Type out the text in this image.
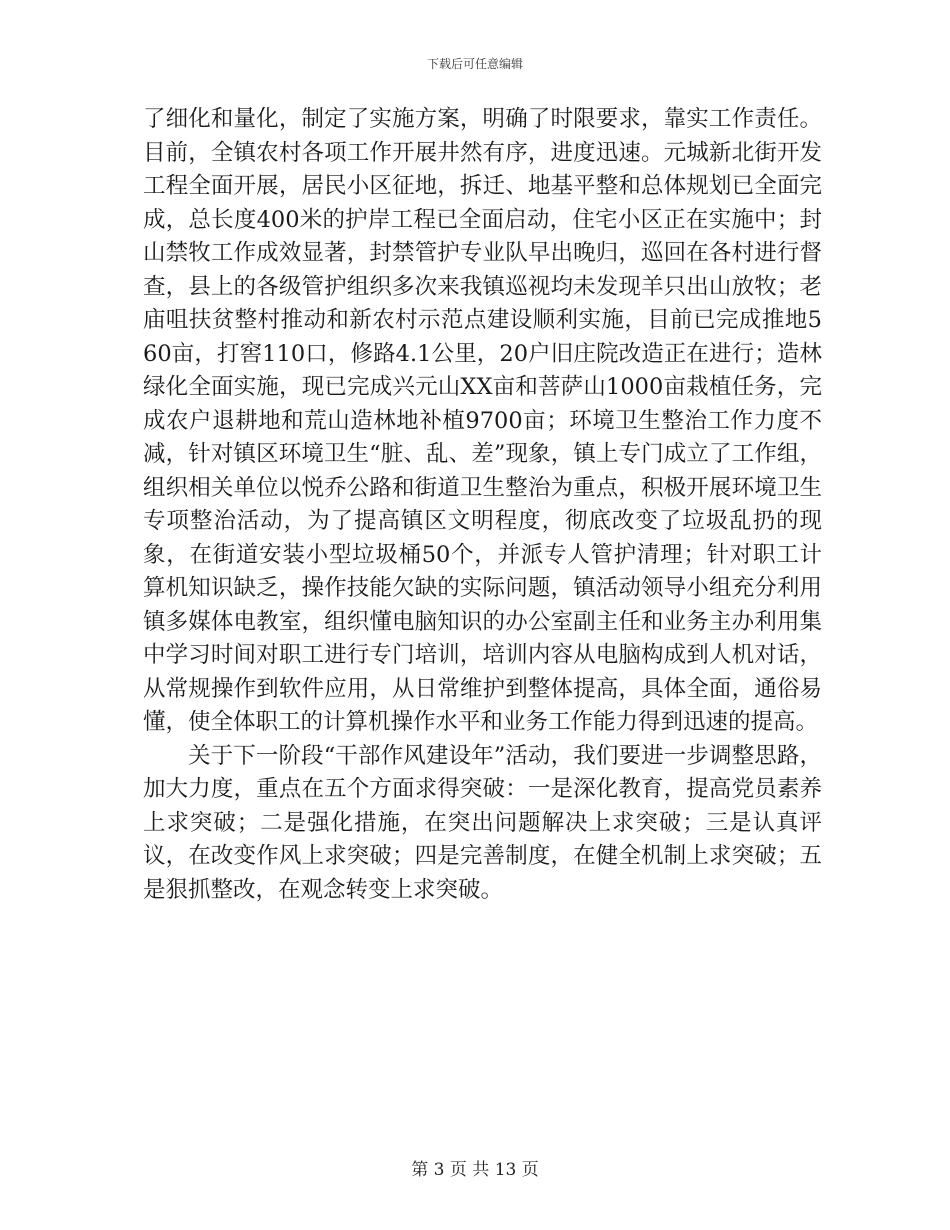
下载后可任意编辑

了细化和量化，制定了实施方案，明确了时限要求，靠实工作责任。目前，全镇农村各项工作开展井然有序，进度迅速。元城新北街开发工程全面开展，居民小区征地，拆迁、地基平整和总体规划已全面完成，总长度400米的护岸工程已全面启动，住宅小区正在实施中；封山禁牧工作成效显著，封禁管护专业队早出晚归，巡回在各村进行督查，县上的各级管护组织多次来我镇巡视均未发现羊只出山放牧；老庙咀扶贫整村推动和新农村示范点建设顺利实施，目前已完成推地560亩，打窖110口，修路4.1公里，20户旧庄院改造正在进行；造林绿化全面实施，现已完成兴元山XX亩和菩萨山1000亩栽植任务，完成农户退耕地和荒山造林地补植9700亩；环境卫生整治工作力度不减，针对镇区环境卫生“脏、乱、差”现象，镇上专门成立了工作组，组织相关单位以悦乔公路和街道卫生整治为重点，积极开展环境卫生专项整治活动，为了提高镇区文明程度，彻底改变了垃圾乱扔的现象，在街道安装小型垃圾桶50个，并派专人管护清理；针对职工计算机知识缺乏，操作技能欠缺的实际问题，镇活动领导小组充分利用镇多媒体电教室，组织懂电脑知识的办公室副主任和业务主办利用集中学习时间对职工进行专门培训，培训内容从电脑构成到人机对话，从常规操作到软件应用，从日常维护到整体提高，具体全面，通俗易懂，使全体职工的计算机操作水平和业务工作能力得到迅速的提高。

关于下一阶段“干部作风建设年”活动，我们要进一步调整思路，加大力度，重点在五个方面求得突破：一是深化教育，提高党员素养上求突破；二是强化措施，在突出问题解决上求突破；三是认真评议，在改变作风上求突破；四是完善制度，在健全机制上求突破；五是狠抓整改，在观念转变上求突破。

第 3 页 共 13 页
